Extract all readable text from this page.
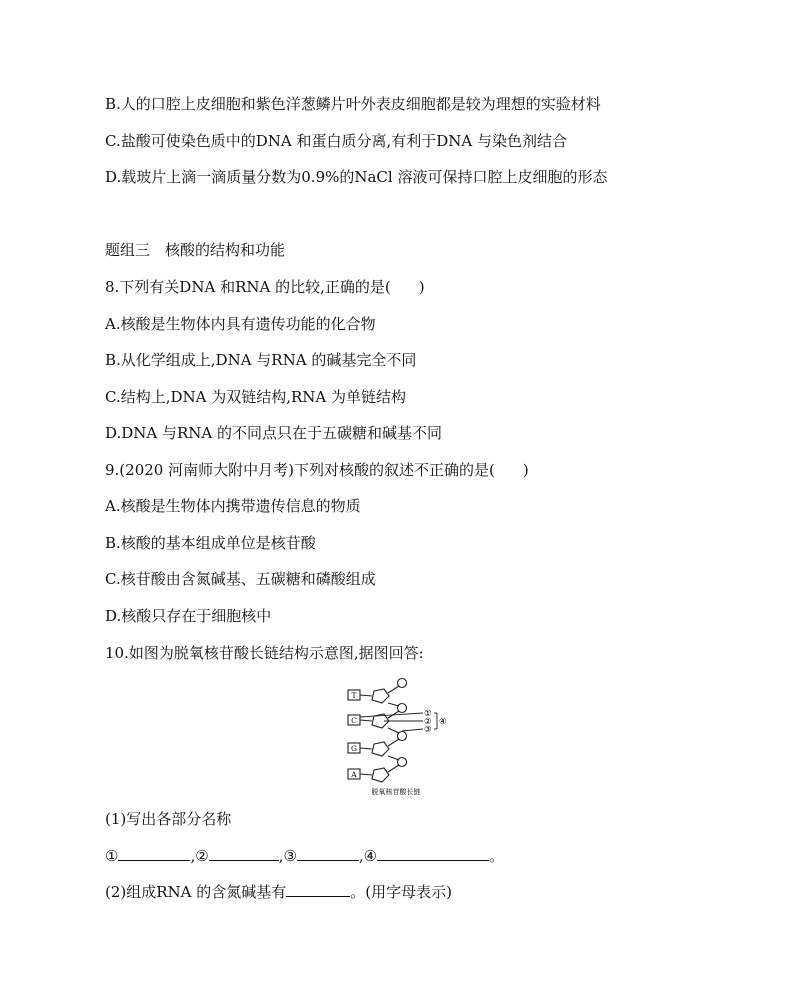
B.人的口腔上皮细胞和紫色洋葱鳞片叶外表皮细胞都是较为理想的实验材料
C.盐酸可使染色质中的DNA 和蛋白质分离,有利于DNA 与染色剂结合
D.载玻片上滴一滴质量分数为0.9%的NaCl 溶液可保持口腔上皮细胞的形态
题组三　核酸的结构和功能
8.下列有关DNA 和RNA 的比较,正确的是( )
A.核酸是生物体内具有遗传功能的化合物
B.从化学组成上,DNA 与RNA 的碱基完全不同
C.结构上,DNA 为双链结构,RNA 为单链结构
D.DNA 与RNA 的不同点只在于五碳糖和碱基不同
9.(2020 河南师大附中月考)下列对核酸的叙述不正确的是( )
A.核酸是生物体内携带遗传信息的物质
B.核酸的基本组成单位是核苷酸
C.核苷酸由含氮碱基、五碳糖和磷酸组成
D.核酸只存在于细胞核中
10.如图为脱氧核苷酸长链结构示意图,据图回答:
T
C
G
A
①
②
③
④
脱氧核苷酸长链
(1)写出各部分名称
①	,②	,③	,④	。
(2)组成RNA 的含氮碱基有	。(用字母表示)
